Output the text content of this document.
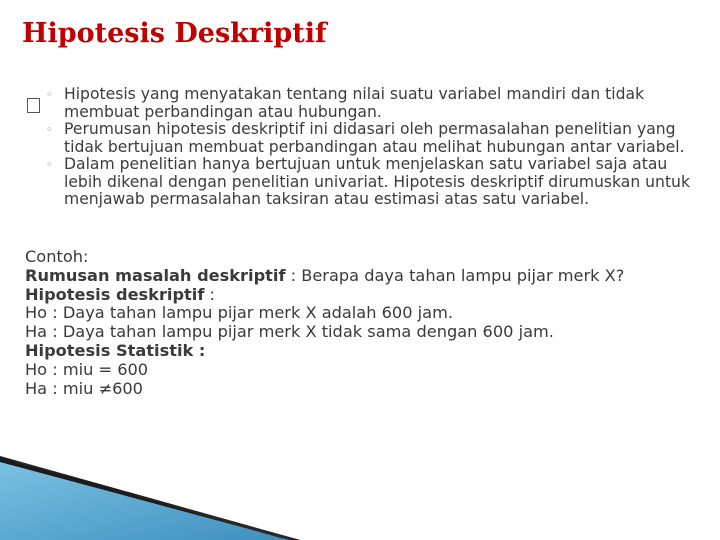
Hipotesis Deskriptif
◦ Hipotesis yang menyatakan tentang nilai suatu variabel mandiri dan tidak membuat perbandingan atau hubungan.
◦ Perumusan hipotesis deskriptif ini didasari oleh permasalahan penelitian yang tidak bertujuan membuat perbandingan atau melihat hubungan antar variabel.
◦ Dalam penelitian hanya bertujuan untuk menjelaskan satu variabel saja atau lebih dikenal dengan penelitian univariat. Hipotesis deskriptif dirumuskan untuk menjawab permasalahan taksiran atau estimasi atas satu variabel.
Contoh:
Rumusan masalah deskriptif : Berapa daya tahan lampu pijar merk X?
Hipotesis deskriptif :
Ho : Daya tahan lampu pijar merk X adalah 600 jam.
Ha : Daya tahan lampu pijar merk X tidak sama dengan 600 jam.
Hipotesis Statistik :
Ho : miu = 600
Ha : miu ≠600
